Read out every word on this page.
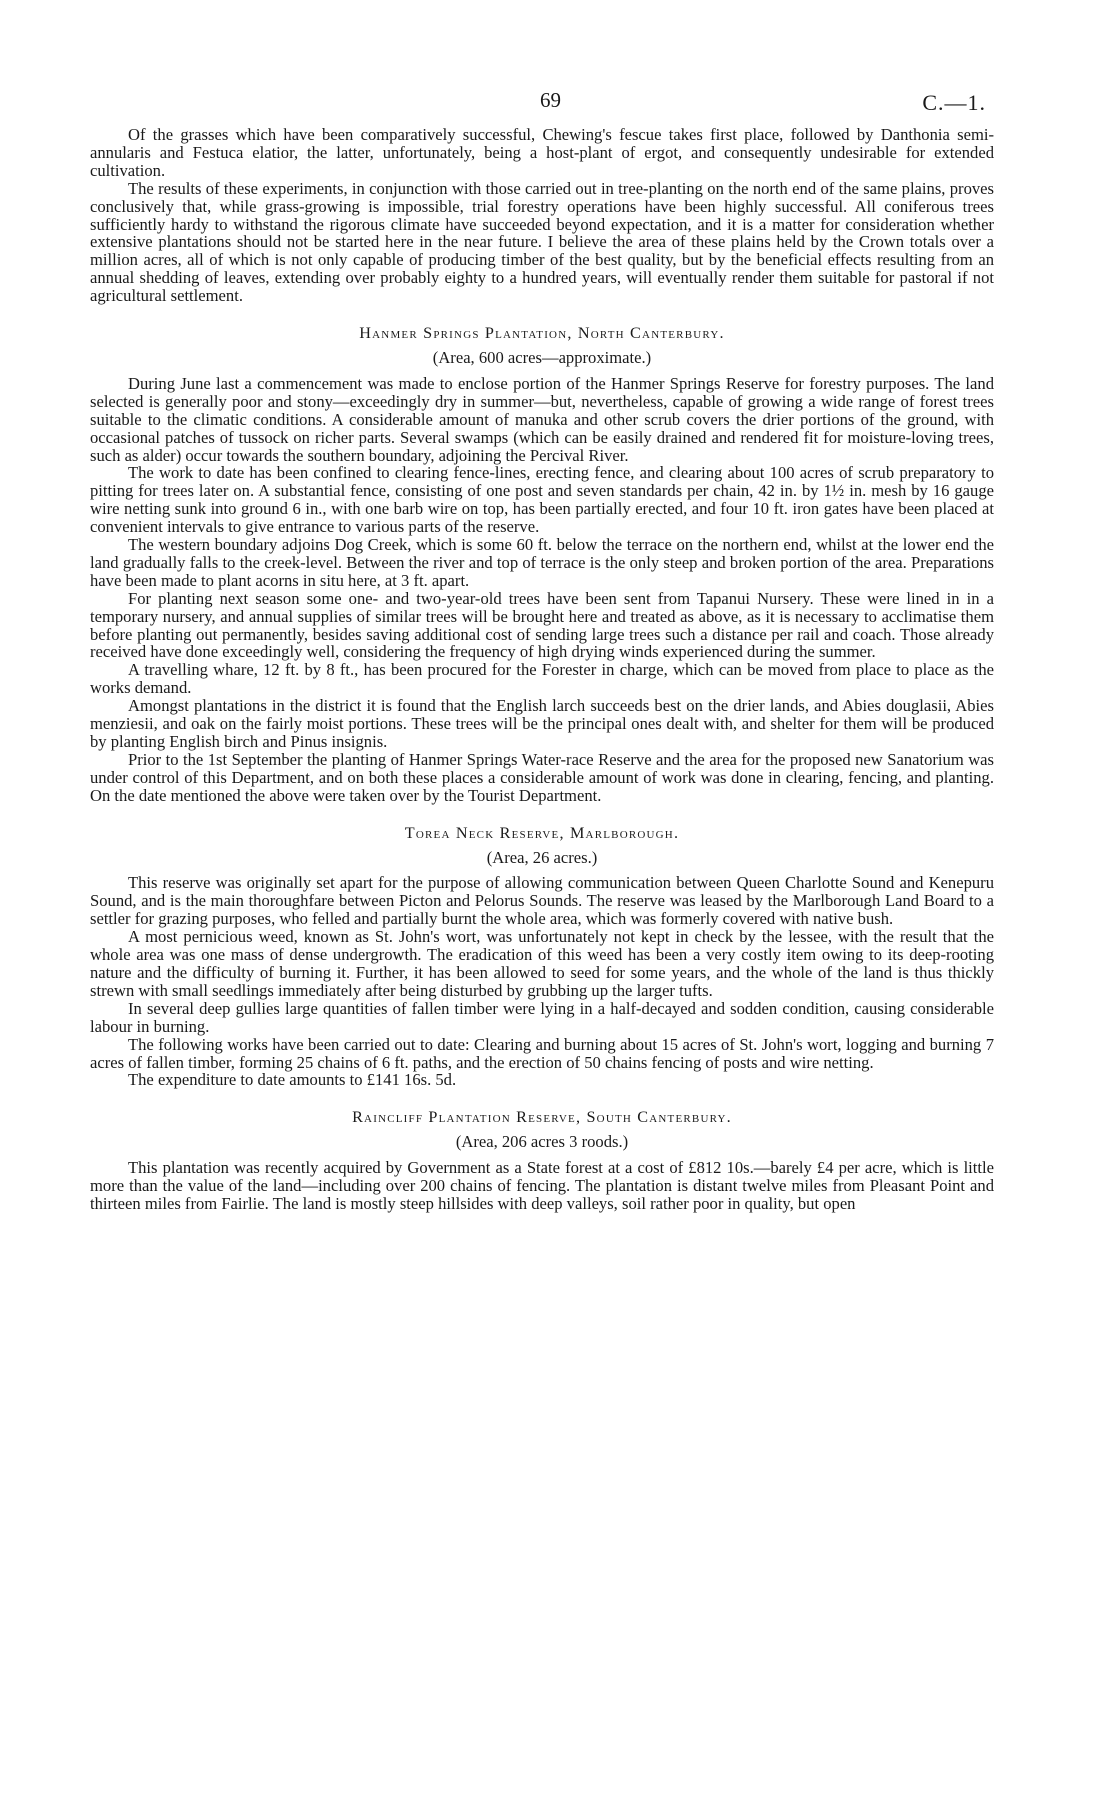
69	C.—1.

Of the grasses which have been comparatively successful, Chewing's fescue takes first place, followed by Danthonia semi-annularis and Festuca elatior, the latter, unfortunately, being a host-plant of ergot, and consequently undesirable for extended cultivation.

The results of these experiments, in conjunction with those carried out in tree-planting on the north end of the same plains, proves conclusively that, while grass-growing is impossible, trial forestry operations have been highly successful. All coniferous trees sufficiently hardy to withstand the rigorous climate have succeeded beyond expectation, and it is a matter for consideration whether extensive plantations should not be started here in the near future. I believe the area of these plains held by the Crown totals over a million acres, all of which is not only capable of producing timber of the best quality, but by the beneficial effects resulting from an annual shedding of leaves, extending over probably eighty to a hundred years, will eventually render them suitable for pastoral if not agricultural settlement.

Hanmer Springs Plantation, North Canterbury.
(Area, 600 acres—approximate.)

During June last a commencement was made to enclose portion of the Hanmer Springs Reserve for forestry purposes. The land selected is generally poor and stony—exceedingly dry in summer—but, nevertheless, capable of growing a wide range of forest trees suitable to the climatic conditions. A considerable amount of manuka and other scrub covers the drier portions of the ground, with occasional patches of tussock on richer parts. Several swamps (which can be easily drained and rendered fit for moisture-loving trees, such as alder) occur towards the southern boundary, adjoining the Percival River.

The work to date has been confined to clearing fence-lines, erecting fence, and clearing about 100 acres of scrub preparatory to pitting for trees later on. A substantial fence, consisting of one post and seven standards per chain, 42 in. by 1½ in. mesh by 16 gauge wire netting sunk into ground 6 in., with one barb wire on top, has been partially erected, and four 10 ft. iron gates have been placed at convenient intervals to give entrance to various parts of the reserve.

The western boundary adjoins Dog Creek, which is some 60 ft. below the terrace on the northern end, whilst at the lower end the land gradually falls to the creek-level. Between the river and top of terrace is the only steep and broken portion of the area. Preparations have been made to plant acorns in situ here, at 3 ft. apart.

For planting next season some one- and two-year-old trees have been sent from Tapanui Nursery. These were lined in in a temporary nursery, and annual supplies of similar trees will be brought here and treated as above, as it is necessary to acclimatise them before planting out permanently, besides saving additional cost of sending large trees such a distance per rail and coach. Those already received have done exceedingly well, considering the frequency of high drying winds experienced during the summer.

A travelling whare, 12 ft. by 8 ft., has been procured for the Forester in charge, which can be moved from place to place as the works demand.

Amongst plantations in the district it is found that the English larch succeeds best on the drier lands, and Abies douglasii, Abies menziesii, and oak on the fairly moist portions. These trees will be the principal ones dealt with, and shelter for them will be produced by planting English birch and Pinus insignis.

Prior to the 1st September the planting of Hanmer Springs Water-race Reserve and the area for the proposed new Sanatorium was under control of this Department, and on both these places a considerable amount of work was done in clearing, fencing, and planting. On the date mentioned the above were taken over by the Tourist Department.

Torea Neck Reserve, Marlborough.
(Area, 26 acres.)

This reserve was originally set apart for the purpose of allowing communication between Queen Charlotte Sound and Kenepuru Sound, and is the main thoroughfare between Picton and Pelorus Sounds. The reserve was leased by the Marlborough Land Board to a settler for grazing purposes, who felled and partially burnt the whole area, which was formerly covered with native bush.

A most pernicious weed, known as St. John's wort, was unfortunately not kept in check by the lessee, with the result that the whole area was one mass of dense undergrowth. The eradication of this weed has been a very costly item owing to its deep-rooting nature and the difficulty of burning it. Further, it has been allowed to seed for some years, and the whole of the land is thus thickly strewn with small seedlings immediately after being disturbed by grubbing up the larger tufts.

In several deep gullies large quantities of fallen timber were lying in a half-decayed and sodden condition, causing considerable labour in burning.

The following works have been carried out to date: Clearing and burning about 15 acres of St. John's wort, logging and burning 7 acres of fallen timber, forming 25 chains of 6 ft. paths, and the erection of 50 chains fencing of posts and wire netting.

The expenditure to date amounts to £141 16s. 5d.

Raincliff Plantation Reserve, South Canterbury.
(Area, 206 acres 3 roods.)

This plantation was recently acquired by Government as a State forest at a cost of £812 10s.—barely £4 per acre, which is little more than the value of the land—including over 200 chains of fencing. The plantation is distant twelve miles from Pleasant Point and thirteen miles from Fairlie. The land is mostly steep hillsides with deep valleys, soil rather poor in quality, but open
